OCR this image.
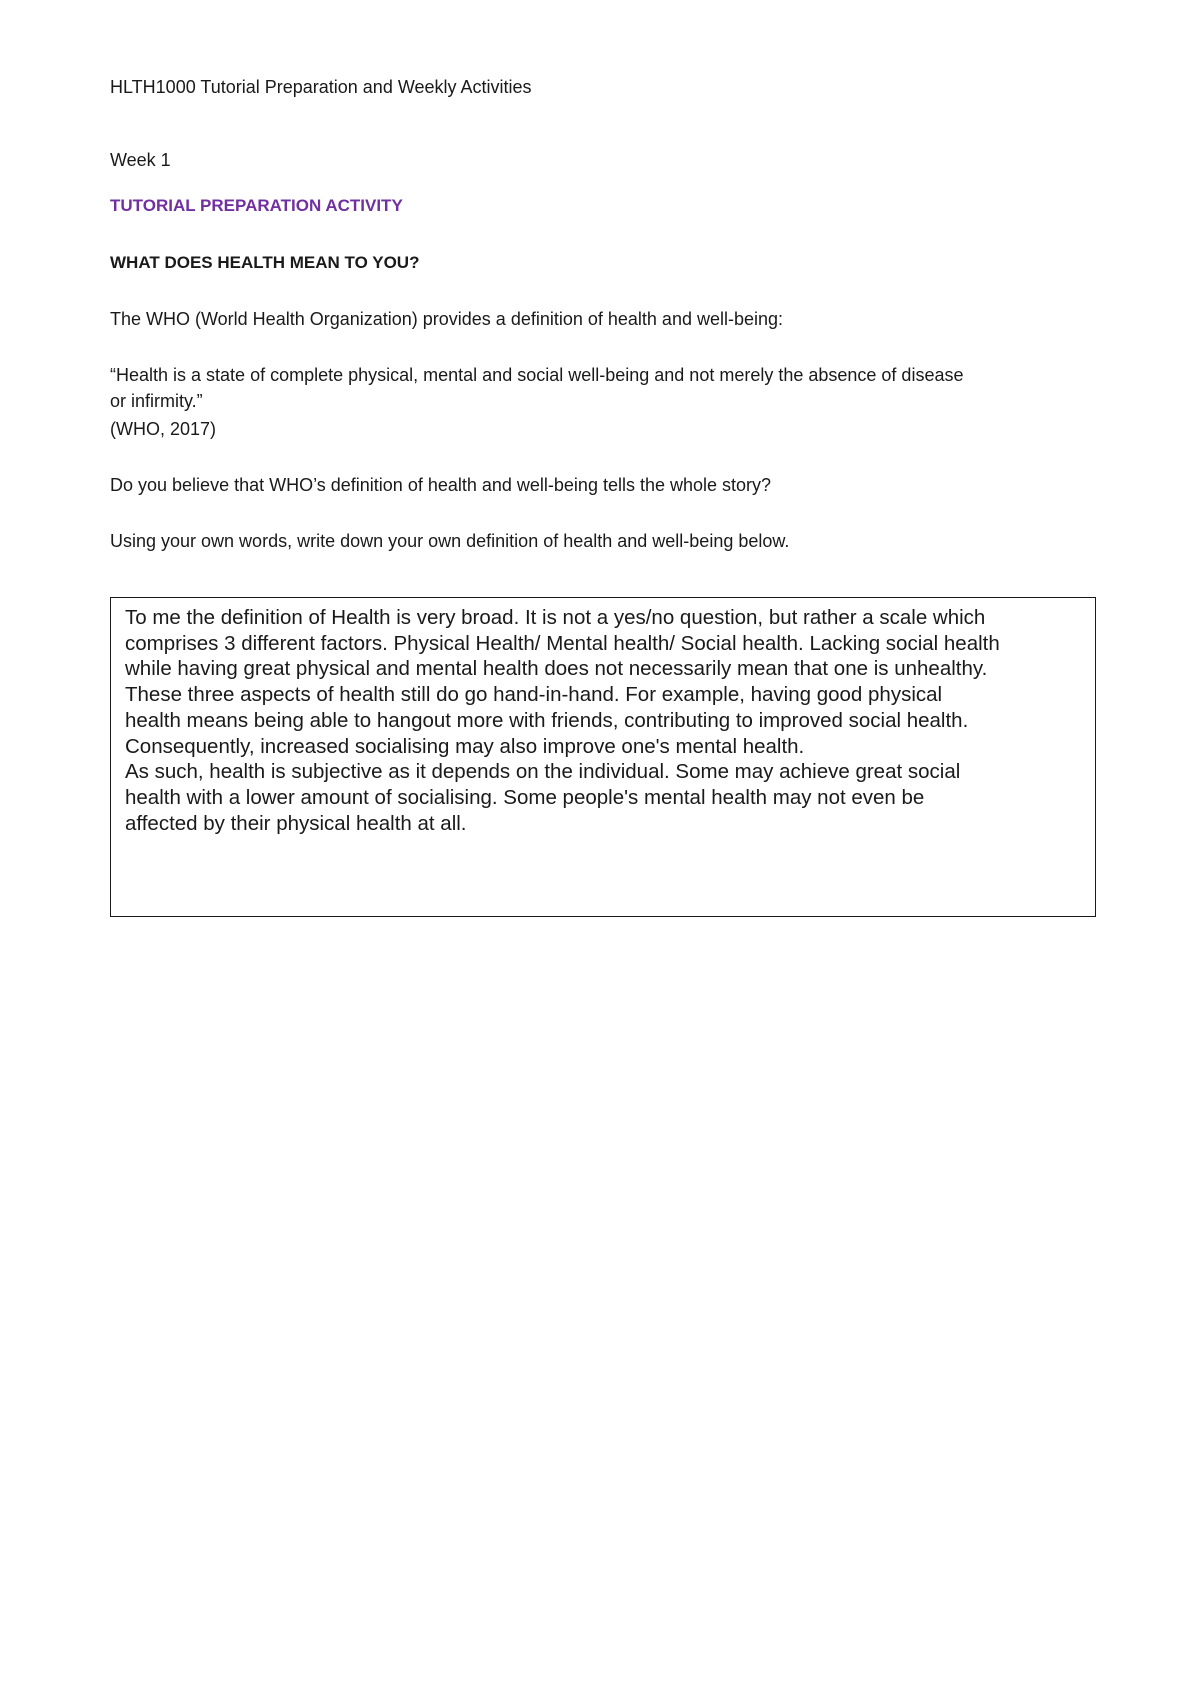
HLTH1000 Tutorial Preparation and Weekly Activities
Week 1
TUTORIAL PREPARATION ACTIVITY
WHAT DOES HEALTH MEAN TO YOU?
The WHO (World Health Organization) provides a definition of health and well-being:
“Health is a state of complete physical, mental and social well-being and not merely the absence of disease
or infirmity.”
(WHO, 2017)
Do you believe that WHO’s definition of health and well-being tells the whole story?
Using your own words, write down your own definition of health and well-being below.

To me the definition of Health is very broad. It is not a yes/no question, but rather a scale which
comprises 3 different factors. Physical Health/ Mental health/ Social health. Lacking social health
while having great physical and mental health does not necessarily mean that one is unhealthy.
These three aspects of health still do go hand-in-hand. For example, having good physical
health means being able to hangout more with friends, contributing to improved social health.
Consequently, increased socialising may also improve one's mental health.
As such, health is subjective as it depends on the individual. Some may achieve great social
health with a lower amount of socialising. Some people's mental health may not even be
affected by their physical health at all.
